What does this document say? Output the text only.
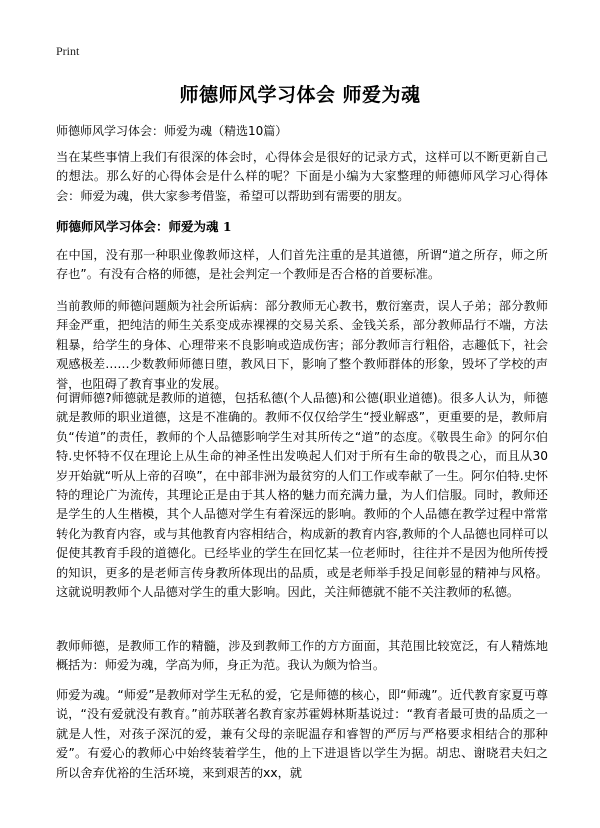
Print
师德师风学习体会 师爱为魂
师德师风学习体会：师爱为魂（精选10篇）

当在某些事情上我们有很深的体会时，心得体会是很好的记录方式，这样可以不断更新自己的想法。那么好的心得体会是什么样的呢？下面是小编为大家整理的师德师风学习心得体会：师爱为魂，供大家参考借鉴，希望可以帮助到有需要的朋友。

师德师风学习体会：师爱为魂 1

在中国，没有那一种职业像教师这样，人们首先注重的是其道德，所谓“道之所存，师之所存也”。有没有合格的师德，是社会判定一个教师是否合格的首要标准。

当前教师的师德问题颇为社会所诟病：部分教师无心教书，敷衍塞责，误人子弟；部分教师拜金严重，把纯洁的师生关系变成赤裸裸的交易关系、金钱关系，部分教师品行不端，方法粗暴，给学生的身体、心理带来不良影响或造成伤害；部分教师言行粗俗，志趣低下，社会观感极差……少数教师师德日堕，教风日下，影响了整个教师群体的形象，毁坏了学校的声誉，也阻碍了教育事业的发展。

何谓师德?师德就是教师的道德，包括私德(个人品德)和公德(职业道德)。很多人认为，师德就是教师的职业道德，这是不准确的。教师不仅仅给学生“授业解惑”，更重要的是，教师肩负“传道”的责任，教师的个人品德影响学生对其所传之“道”的态度。《敬畏生命》的阿尔伯特.史怀特不仅在理论上从生命的神圣性出发唤起人们对于所有生命的敬畏之心，而且从30岁开始就“听从上帝的召唤”，在中部非洲为最贫穷的人们工作或奉献了一生。阿尔伯特.史怀特的理论广为流传，其理论正是由于其人格的魅力而充满力量，为人们信服。同时，教师还是学生的人生楷模，其个人品德对学生有着深远的影响。教师的个人品德在教学过程中常常转化为教育内容，或与其他教育内容相结合，构成新的教育内容,教师的个人品德也同样可以促使其教育手段的道德化。已经毕业的学生在回忆某一位老师时，往往并不是因为他所传授的知识，更多的是老师言传身教所体现出的品质，或是老师举手投足间彰显的精神与风格。这就说明教师个人品德对学生的重大影响。因此，关注师德就不能不关注教师的私德。

教师师德，是教师工作的精髓，涉及到教师工作的方方面面，其范围比较宽泛，有人精炼地概括为：师爱为魂，学高为师，身正为范。我认为颇为恰当。

师爱为魂。“师爱”是教师对学生无私的爱，它是师德的核心，即“师魂”。近代教育家夏丏尊说，“没有爱就没有教育。”前苏联著名教育家苏霍姆林斯基说过：“教育者最可贵的品质之一就是人性，对孩子深沉的爱，兼有父母的亲昵温存和睿智的严厉与严格要求相结合的那种爱”。有爱心的教师心中始终装着学生，他的上下进退皆以学生为据。胡忠、谢晓君夫妇之所以舍弃优裕的生活环境，来到艰苦的xx，就
